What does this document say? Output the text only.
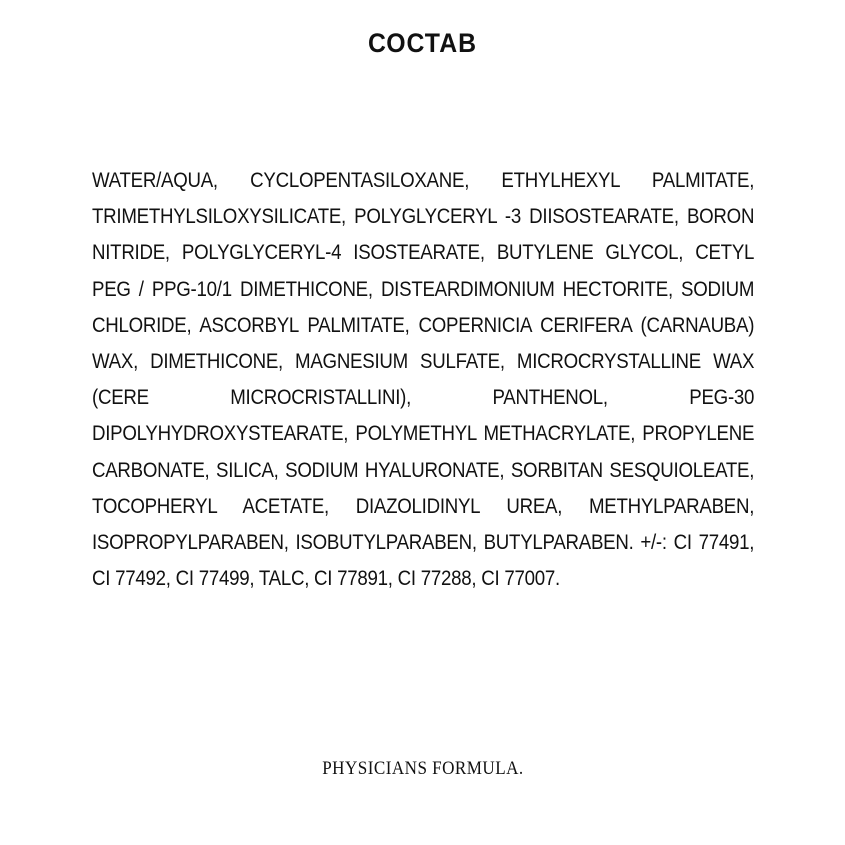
СОСТАВ

WATER/AQUA, CYCLOPENTASILOXANE, ETHYLHEXYL PALMITATE, TRIMETHYLSILOXYSILICATE, POLYGLYCERYL -3 DIISOSTEARATE, BORON NITRIDE, POLYGLYCERYL-4 ISOSTEARATE, BUTYLENE GLYCOL, CETYL PEG / PPG-10/1 DIMETHICONE, DISTEARDIMONIUM HECTORITE, SODIUM CHLORIDE, ASCORBYL PALMITATE, COPERNICIA CERIFERA (CARNAUBA) WAX, DIMETHICONE, MAGNESIUM SULFATE, MICROCRYSTALLINE WAX (CERE MICROCRISTALLINI), PANTHENOL, PEG-30 DIPOLYHYDROXYSTEARATE, POLYMETHYL METHACRYLATE, PROPYLENE CARBONATE, SILICA, SODIUM HYALURONATE, SORBITAN SESQUIOLEATE, TOCOPHERYL ACETATE, DIAZOLIDINYL UREA, METHYLPARABEN, ISOPROPYLPARABEN, ISOBUTYLPARABEN, BUTYLPARABEN. +/-: CI 77491, CI 77492, CI 77499, TALC, CI 77891, CI 77288, CI 77007.

PHYSICIANS FORMULA.
